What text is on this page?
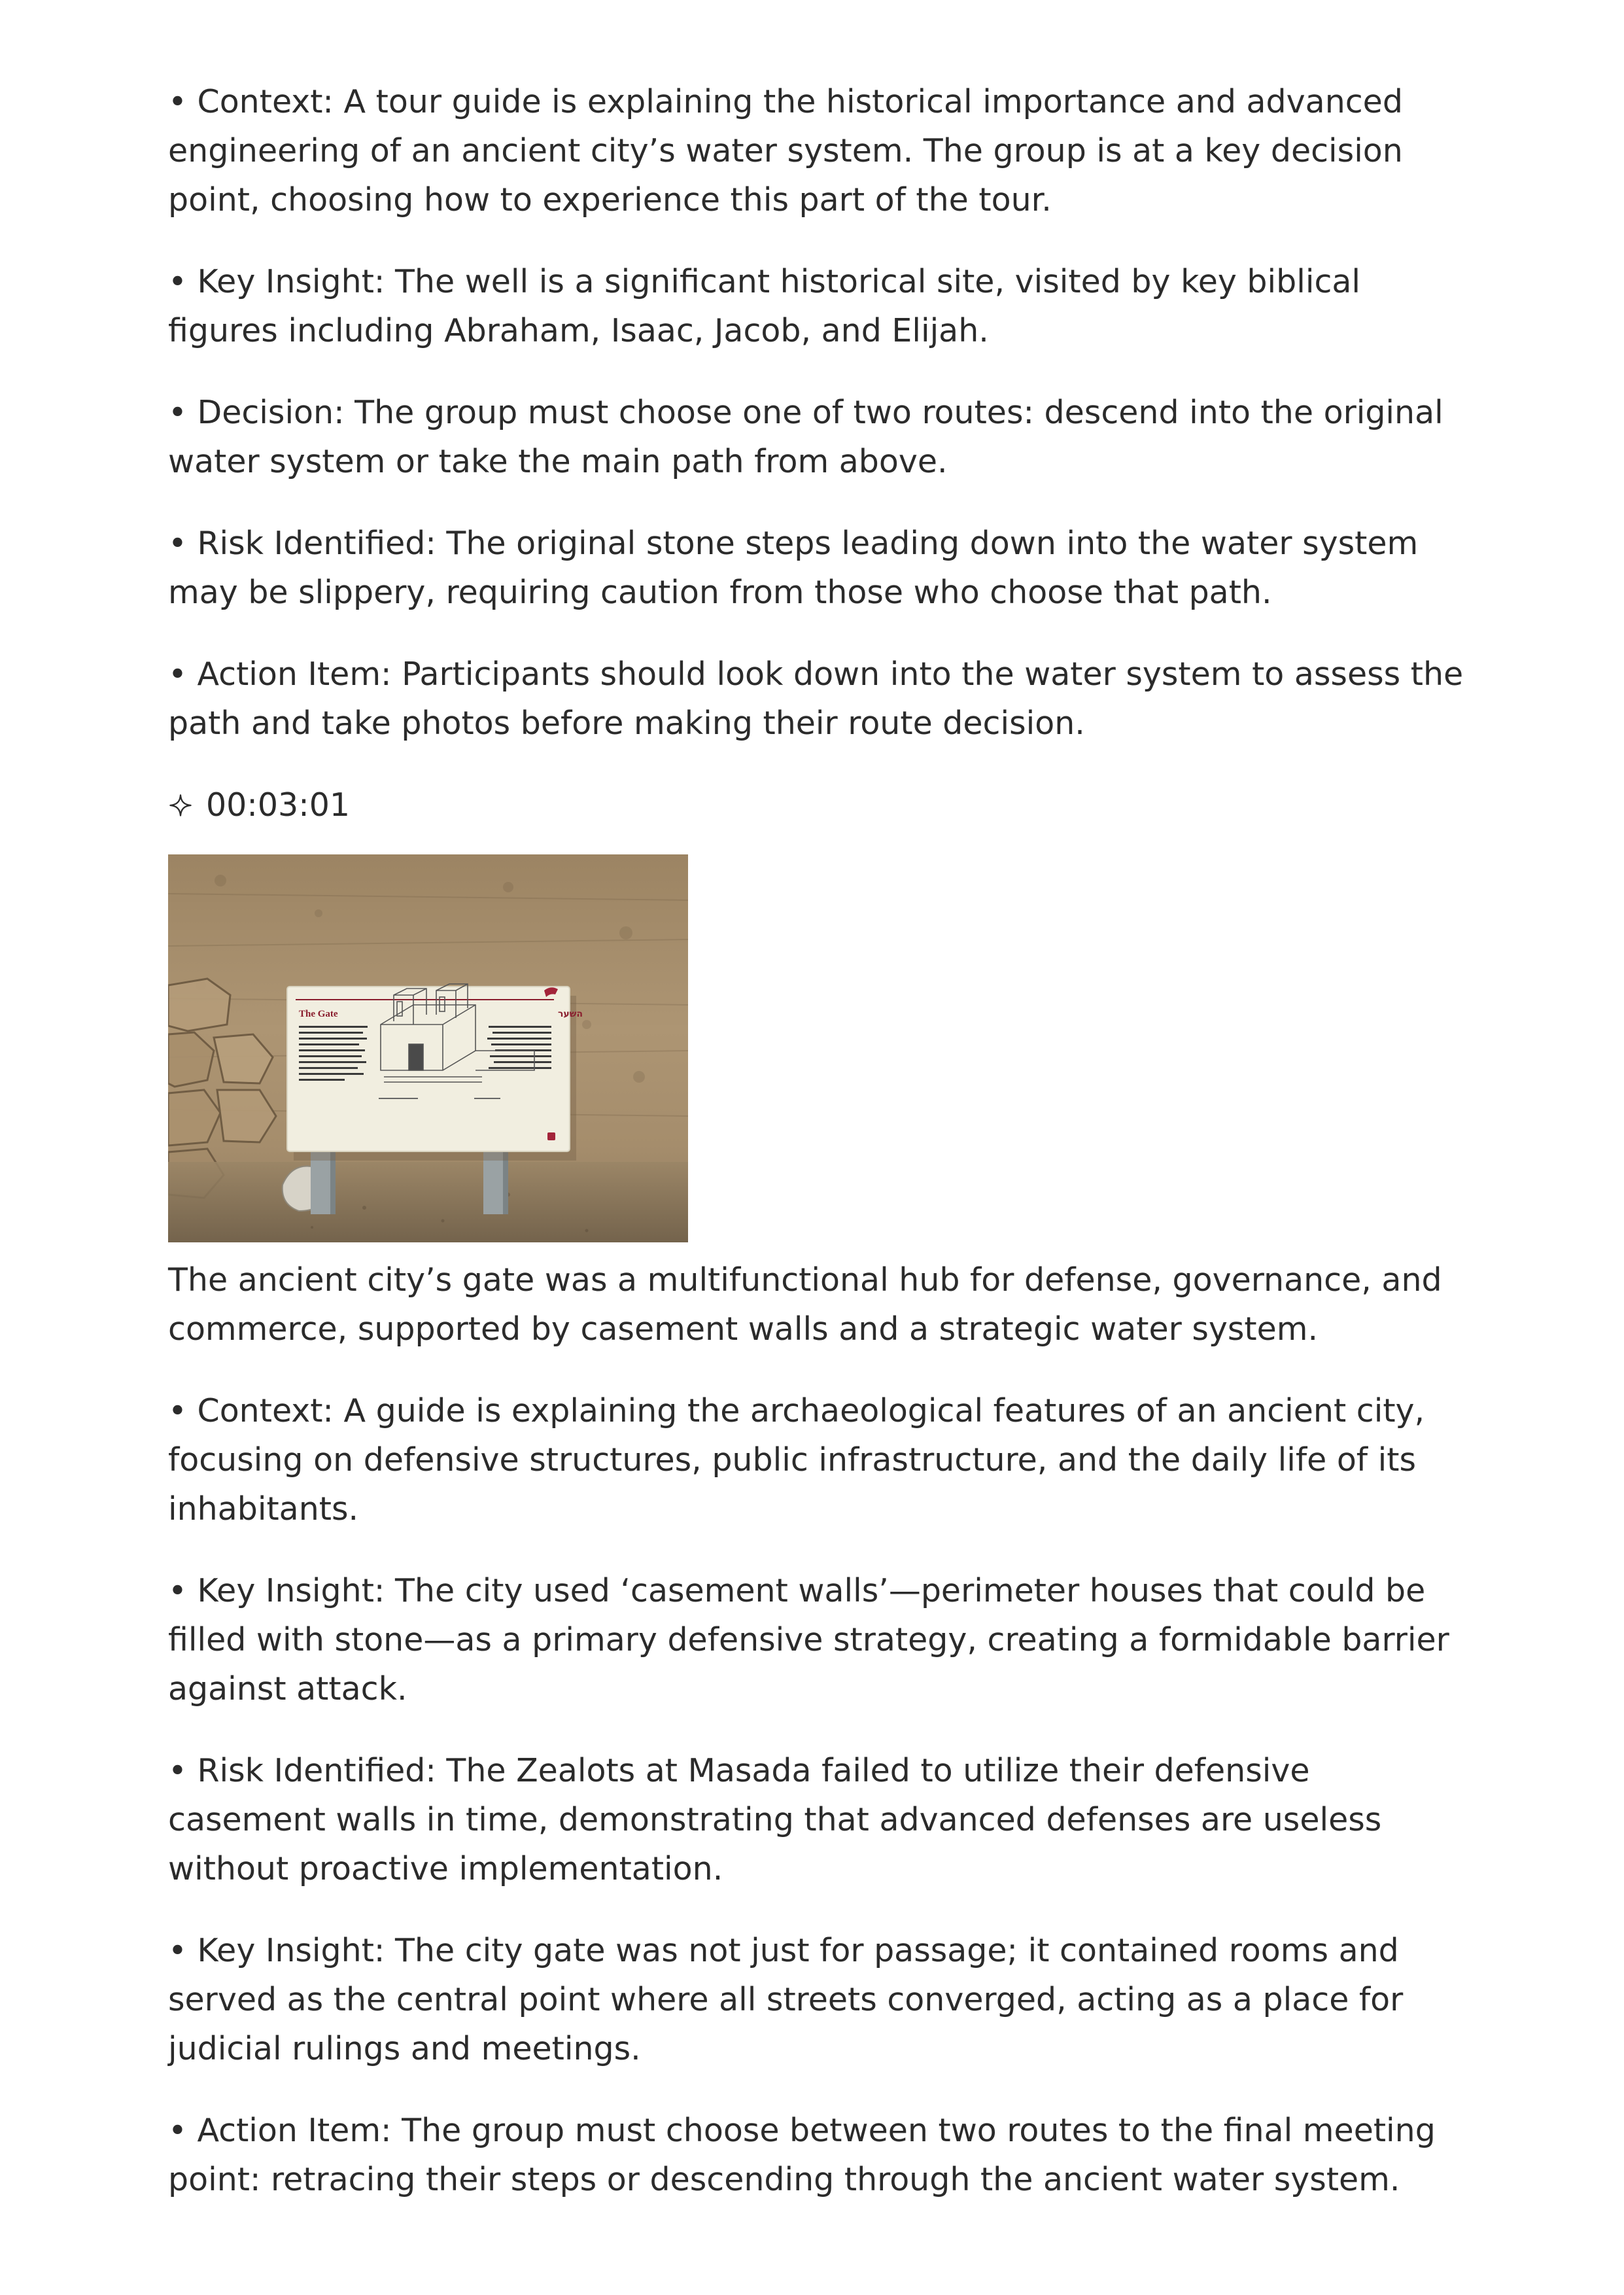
• Context: A tour guide is explaining the historical importance and advanced engineering of an ancient city’s water system. The group is at a key decision point, choosing how to experience this part of the tour.

• Key Insight: The well is a significant historical site, visited by key biblical figures including Abraham, Isaac, Jacob, and Elijah.

• Decision: The group must choose one of two routes: descend into the original water system or take the main path from above.

• Risk Identified: The original stone steps leading down into the water system may be slippery, requiring caution from those who choose that path.

• Action Item: Participants should look down into the water system to assess the path and take photos before making their route decision.

00:03:01
The Gate	השער

The ancient city’s gate was a multifunctional hub for defense, governance, and commerce, supported by casement walls and a strategic water system.

• Context: A guide is explaining the archaeological features of an ancient city, focusing on defensive structures, public infrastructure, and the daily life of its inhabitants.

• Key Insight: The city used ‘casement walls’—perimeter houses that could be filled with stone—as a primary defensive strategy, creating a formidable barrier against attack.

• Risk Identified: The Zealots at Masada failed to utilize their defensive casement walls in time, demonstrating that advanced defenses are useless without proactive implementation.

• Key Insight: The city gate was not just for passage; it contained rooms and served as the central point where all streets converged, acting as a place for judicial rulings and meetings.

• Action Item: The group must choose between two routes to the final meeting point: retracing their steps or descending through the ancient water system.
